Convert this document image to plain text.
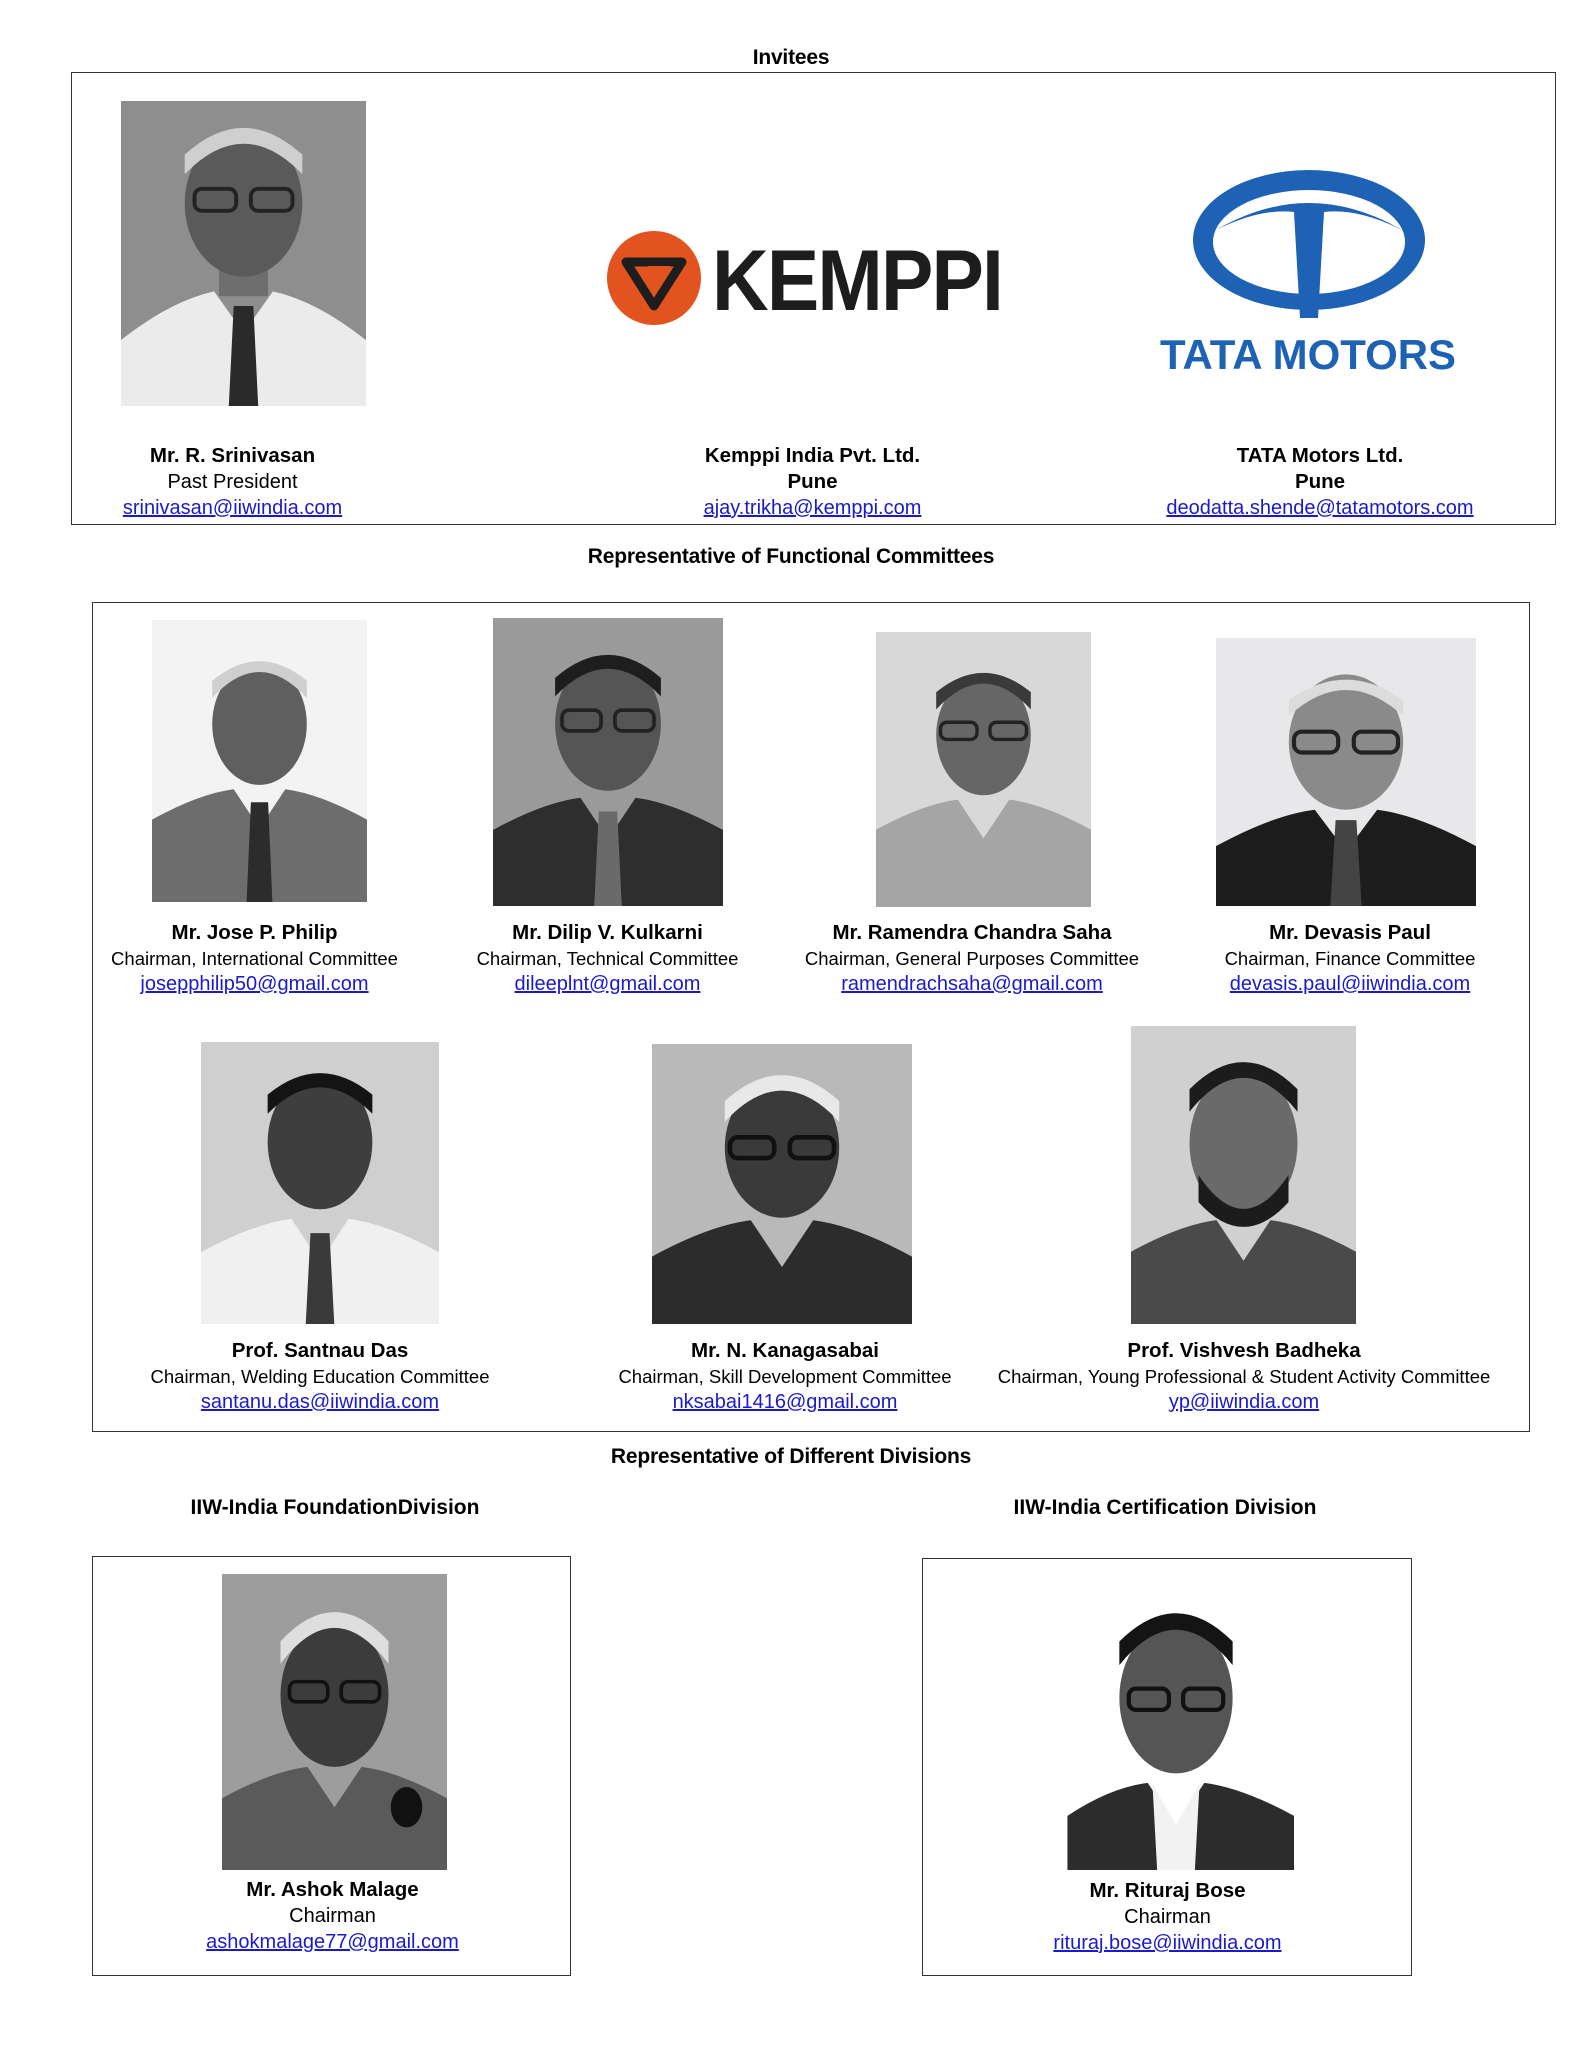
Invitees
Representative of Functional Committees
Representative of Different Divisions
IIW-India FoundationDivision	IIW-India Certification Division
KEMPPI
TATA MOTORS
Mr. R. Srinivasan
Past President
srinivasan@iiwindia.com
Kemppi India Pvt. Ltd.
Pune
ajay.trikha@kemppi.com
TATA Motors Ltd.
Pune
deodatta.shende@tatamotors.com
Mr. Jose P. Philip
Chairman, International Committee
josepphilip50@gmail.com
Mr. Dilip V. Kulkarni
Chairman, Technical Committee
dileeplnt@gmail.com
Mr. Ramendra Chandra Saha
Chairman, General Purposes Committee
ramendrachsaha@gmail.com
Mr. Devasis Paul
Chairman, Finance Committee
devasis.paul@iiwindia.com
Prof. Santnau Das
Chairman, Welding Education Committee
santanu.das@iiwindia.com
Mr. N. Kanagasabai
Chairman, Skill Development Committee
nksabai1416@gmail.com
Prof. Vishvesh Badheka
Chairman, Young Professional & Student Activity Committee
yp@iiwindia.com
Mr. Ashok Malage
Chairman
ashokmalage77@gmail.com
Mr. Rituraj Bose
Chairman
rituraj.bose@iiwindia.com
